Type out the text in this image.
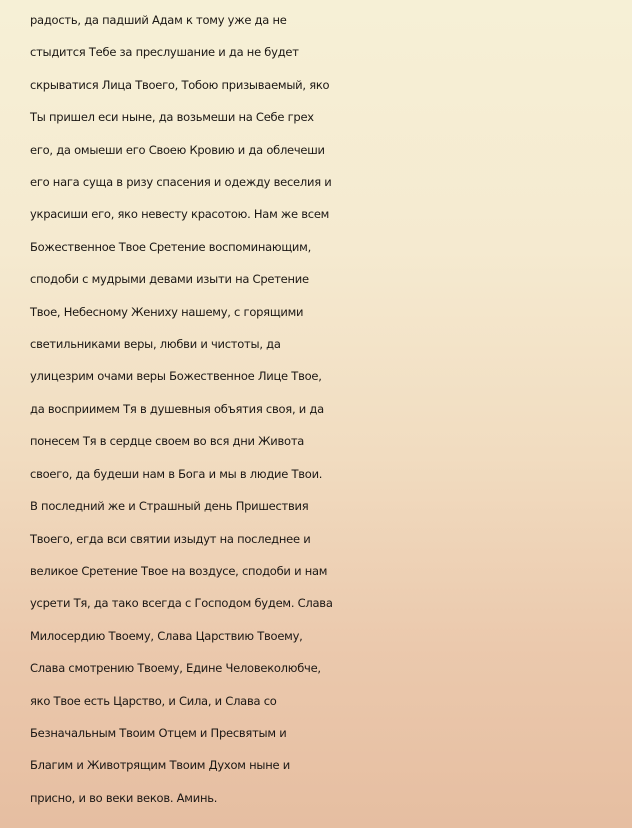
радость, да падший Адам к тому уже да не
стыдится Тебе за преслушание и да не будет
скрыватися Лица Твоего, Тобою призываемый, яко
Ты пришел еси ныне, да возьмеши на Себе грех
его, да омыеши его Своею Кровию и да облечеши
его нага суща в ризу спасения и одежду веселия и
украсиши его, яко невесту красотою. Нам же всем
Божественное Твое Сретение воспоминающим,
сподоби с мудрыми девами изыти на Сретение
Твое, Небесному Жениху нашему, с горящими
светильниками веры, любви и чистоты, да
улицезрим очами веры Божественное Лице Твое,
да восприимем Тя в душевныя объятия своя, и да
понесем Тя в сердце своем во вся дни Живота
своего, да будеши нам в Бога и мы в людие Твои.
В последний же и Страшный день Пришествия
Твоего, егда вси святии изыдут на последнее и
великое Сретение Твое на воздусе, сподоби и нам
усрети Тя, да тако всегда с Господом будем. Слава
Милосердию Твоему, Слава Царствию Твоему,
Слава смотрению Твоему, Едине Человеколюбче,
яко Твое есть Царство, и Сила, и Слава со
Безначальным Твоим Отцем и Пресвятым и
Благим и Животрящим Твоим Духом ныне и
присно, и во веки веков. Аминь.
